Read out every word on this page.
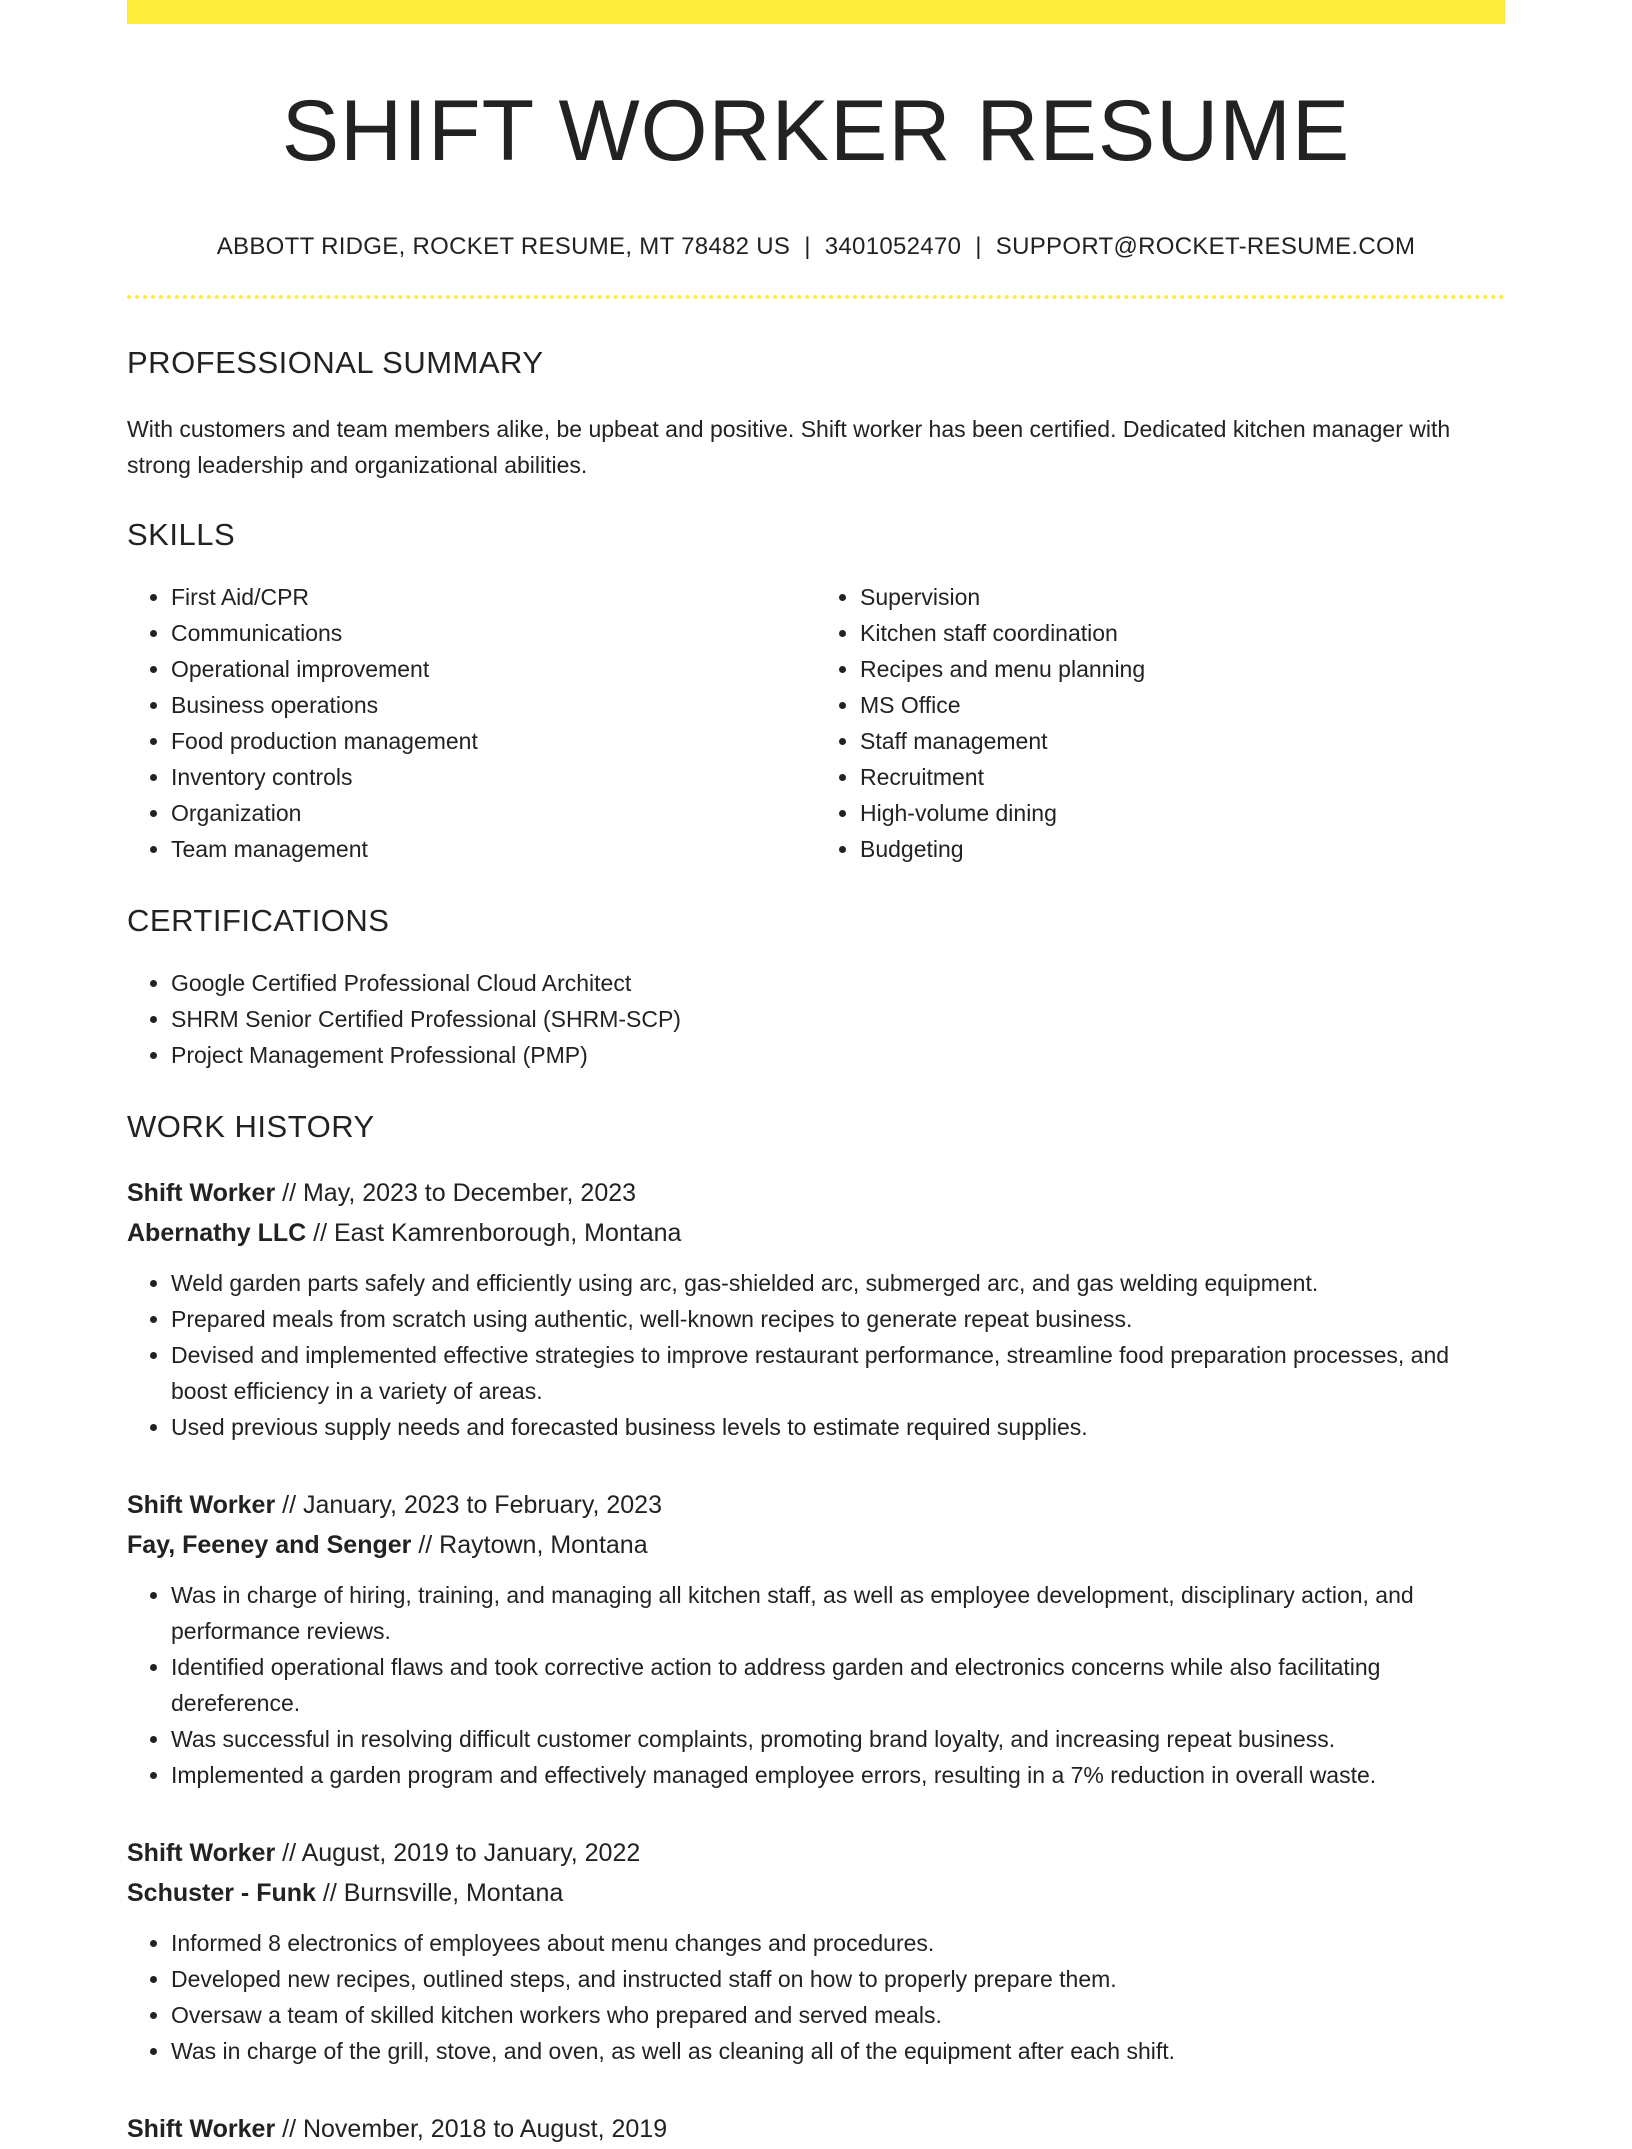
SHIFT WORKER RESUME
ABBOTT RIDGE, ROCKET RESUME, MT 78482 US | 3401052470 | SUPPORT@ROCKET-RESUME.COM
PROFESSIONAL SUMMARY
With customers and team members alike, be upbeat and positive. Shift worker has been certified. Dedicated kitchen manager with strong leadership and organizational abilities.
SKILLS
• First Aid/CPR
• Communications
• Operational improvement
• Business operations
• Food production management
• Inventory controls
• Organization
• Team management
• Supervision
• Kitchen staff coordination
• Recipes and menu planning
• MS Office
• Staff management
• Recruitment
• High-volume dining
• Budgeting
CERTIFICATIONS
• Google Certified Professional Cloud Architect
• SHRM Senior Certified Professional (SHRM-SCP)
• Project Management Professional (PMP)
WORK HISTORY
Shift Worker // May, 2023 to December, 2023
Abernathy LLC // East Kamrenborough, Montana
• Weld garden parts safely and efficiently using arc, gas-shielded arc, submerged arc, and gas welding equipment.
• Prepared meals from scratch using authentic, well-known recipes to generate repeat business.
• Devised and implemented effective strategies to improve restaurant performance, streamline food preparation processes, and boost efficiency in a variety of areas.
• Used previous supply needs and forecasted business levels to estimate required supplies.
Shift Worker // January, 2023 to February, 2023
Fay, Feeney and Senger // Raytown, Montana
• Was in charge of hiring, training, and managing all kitchen staff, as well as employee development, disciplinary action, and performance reviews.
• Identified operational flaws and took corrective action to address garden and electronics concerns while also facilitating dereference.
• Was successful in resolving difficult customer complaints, promoting brand loyalty, and increasing repeat business.
• Implemented a garden program and effectively managed employee errors, resulting in a 7% reduction in overall waste.
Shift Worker // August, 2019 to January, 2022
Schuster - Funk // Burnsville, Montana
• Informed 8 electronics of employees about menu changes and procedures.
• Developed new recipes, outlined steps, and instructed staff on how to properly prepare them.
• Oversaw a team of skilled kitchen workers who prepared and served meals.
• Was in charge of the grill, stove, and oven, as well as cleaning all of the equipment after each shift.
Shift Worker // November, 2018 to August, 2019
